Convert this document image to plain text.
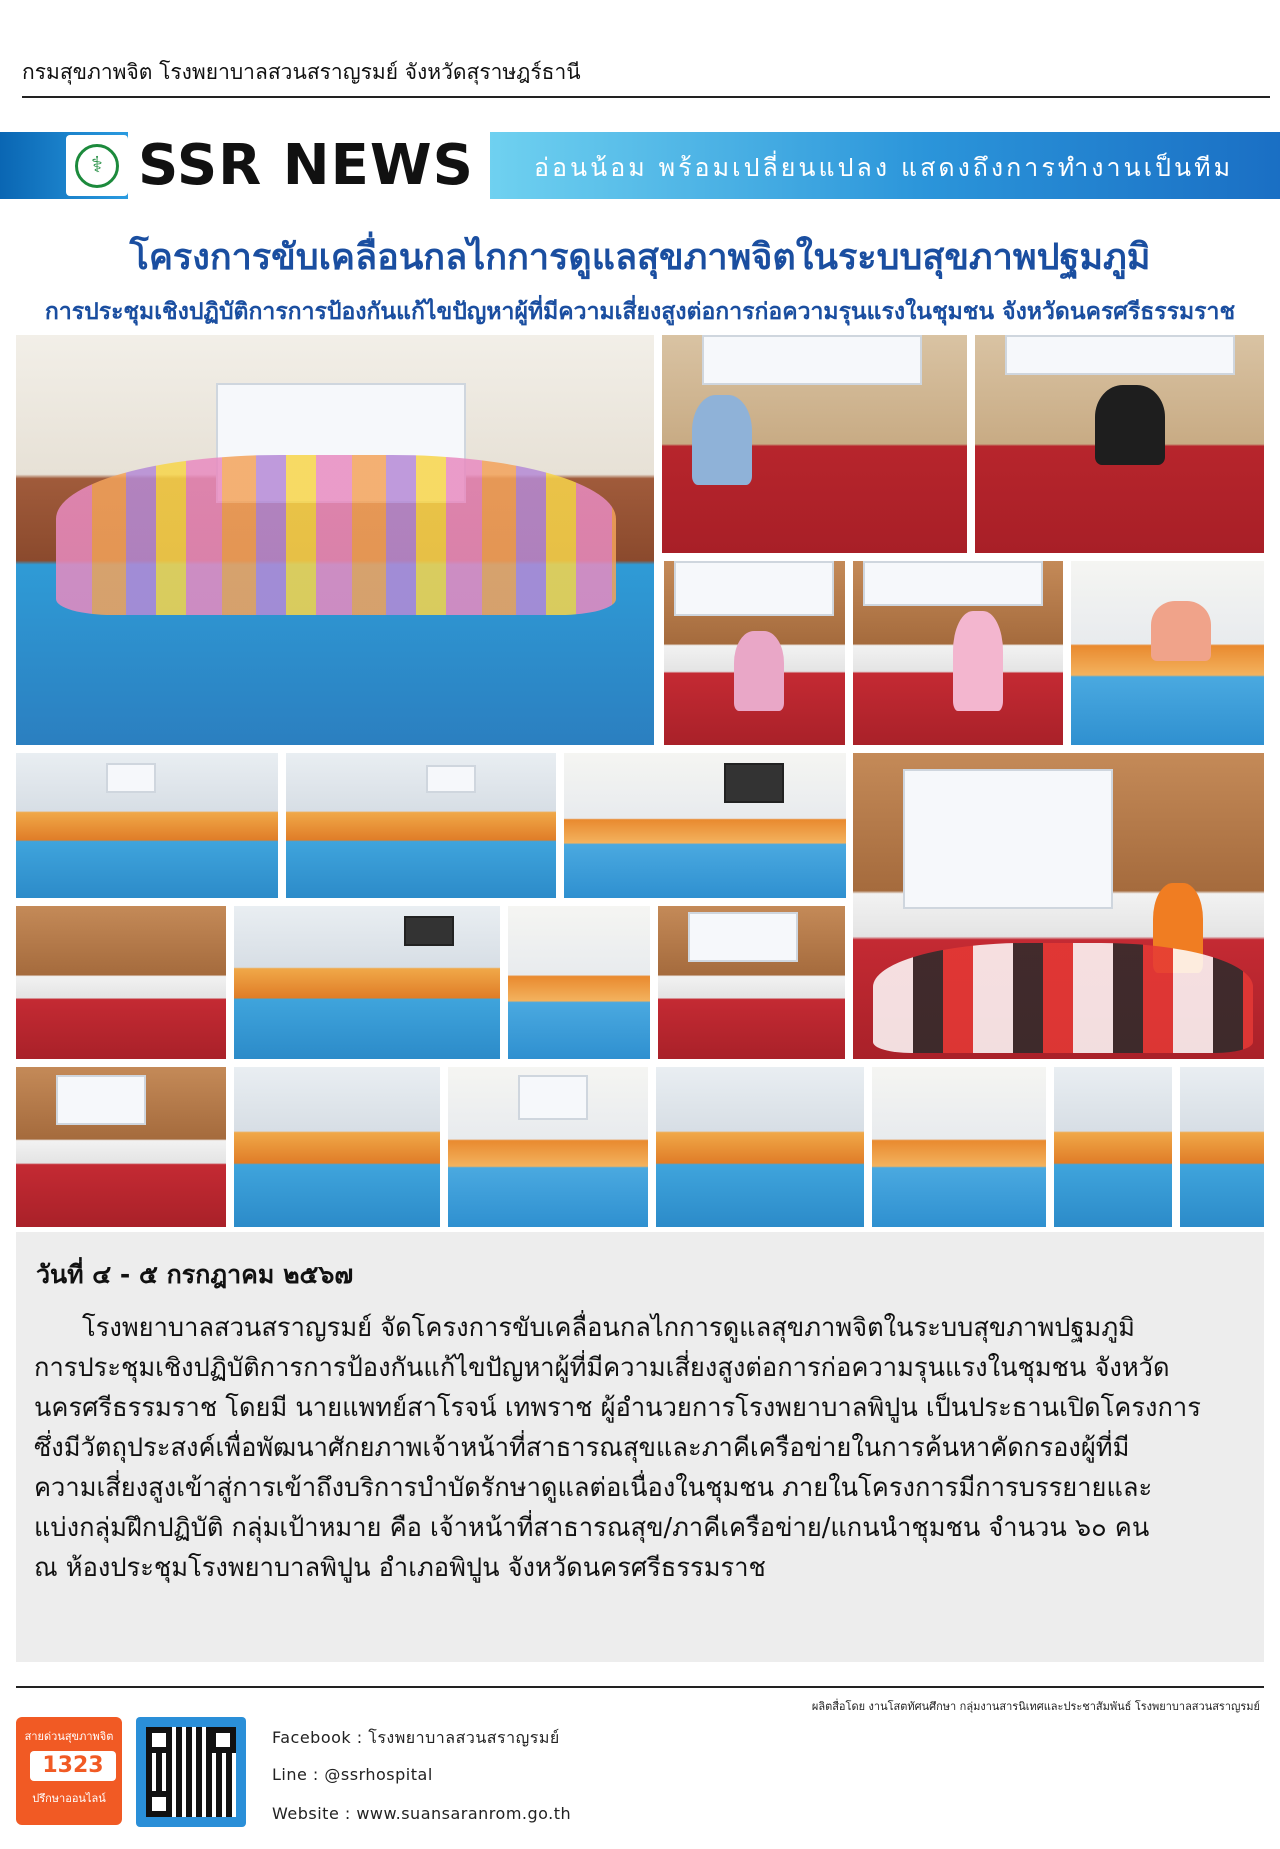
กรมสุขภาพจิต โรงพยาบาลสวนสราญรมย์ จังหวัดสุราษฎร์ธานี
⚕ SSR NEWS อ่อนน้อม พร้อมเปลี่ยนแปลง แสดงถึงการทำงานเป็นทีม
โครงการขับเคลื่อนกลไกการดูแลสุขภาพจิตในระบบสุขภาพปฐมภูมิ
การประชุมเชิงปฏิบัติการการป้องกันแก้ไขปัญหาผู้ที่มีความเสี่ยงสูงต่อการก่อความรุนแรงในชุมชน จังหวัดนครศรีธรรมราช
วันที่ ๔ - ๕ กรกฎาคม ๒๕๖๗
โรงพยาบาลสวนสราญรมย์ จัดโครงการขับเคลื่อนกลไกการดูแลสุขภาพจิตในระบบสุขภาพปฐมภูมิ
การประชุมเชิงปฏิบัติการการป้องกันแก้ไขปัญหาผู้ที่มีความเสี่ยงสูงต่อการก่อความรุนแรงในชุมชน จังหวัด
นครศรีธรรมราช โดยมี นายแพทย์สาโรจน์ เทพราช ผู้อำนวยการโรงพยาบาลพิปูน เป็นประธานเปิดโครงการ
ซึ่งมีวัตถุประสงค์เพื่อพัฒนาศักยภาพเจ้าหน้าที่สาธารณสุขและภาคีเครือข่ายในการค้นหาคัดกรองผู้ที่มี
ความเสี่ยงสูงเข้าสู่การเข้าถึงบริการบำบัดรักษาดูแลต่อเนื่องในชุมชน ภายในโครงการมีการบรรยายและ
แบ่งกลุ่มฝึกปฏิบัติ กลุ่มเป้าหมาย คือ เจ้าหน้าที่สาธารณสุข/ภาคีเครือข่าย/แกนนำชุมชน จำนวน ๖๐ คน
ณ ห้องประชุมโรงพยาบาลพิปูน อำเภอพิปูน จังหวัดนครศรีธรรมราช
ผลิตสื่อโดย งานโสตทัศนศึกษา กลุ่มงานสารนิเทศและประชาสัมพันธ์ โรงพยาบาลสวนสราญรมย์
สายด่วนสุขภาพจิต
1323
ปรึกษาออนไลน์
Facebook : โรงพยาบาลสวนสราญรมย์
Line : @ssrhospital
Website : www.suansaranrom.go.th
